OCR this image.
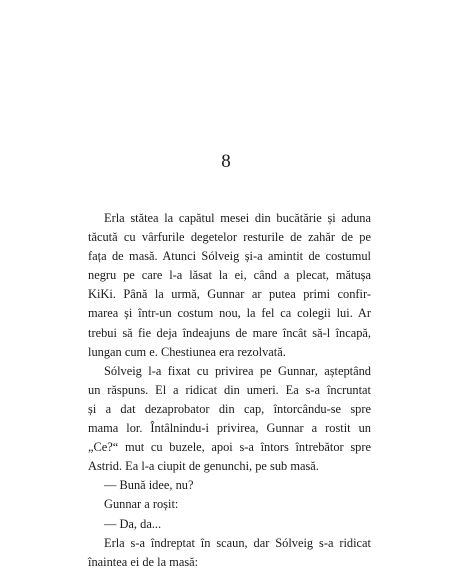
8
Erla stătea la capătul mesei din bucătărie și aduna
tăcută cu vârfurile degetelor resturile de zahăr de pe
fața de masă. Atunci Sólveig și-a amintit de costumul
negru pe care l-a lăsat la ei, când a plecat, mătușa
KiKi. Până la urmă, Gunnar ar putea primi confir-
marea și într-un costum nou, la fel ca colegii lui. Ar
trebui să fie deja îndeajuns de mare încât să-l încapă,
lungan cum e. Chestiunea era rezolvată.
Sólveig l-a fixat cu privirea pe Gunnar, așteptând
un răspuns. El a ridicat din umeri. Ea s-a încruntat
și a dat dezaprobator din cap, întorcându-se spre
mama lor. Întâlnindu-i privirea, Gunnar a rostit un
„Ce?“ mut cu buzele, apoi s-a întors întrebător spre
Astrid. Ea l-a ciupit de genunchi, pe sub masă.
— Bună idee, nu?
Gunnar a roșit:
— Da, da...
Erla s-a îndreptat în scaun, dar Sólveig s-a ridicat
înaintea ei de la masă:
